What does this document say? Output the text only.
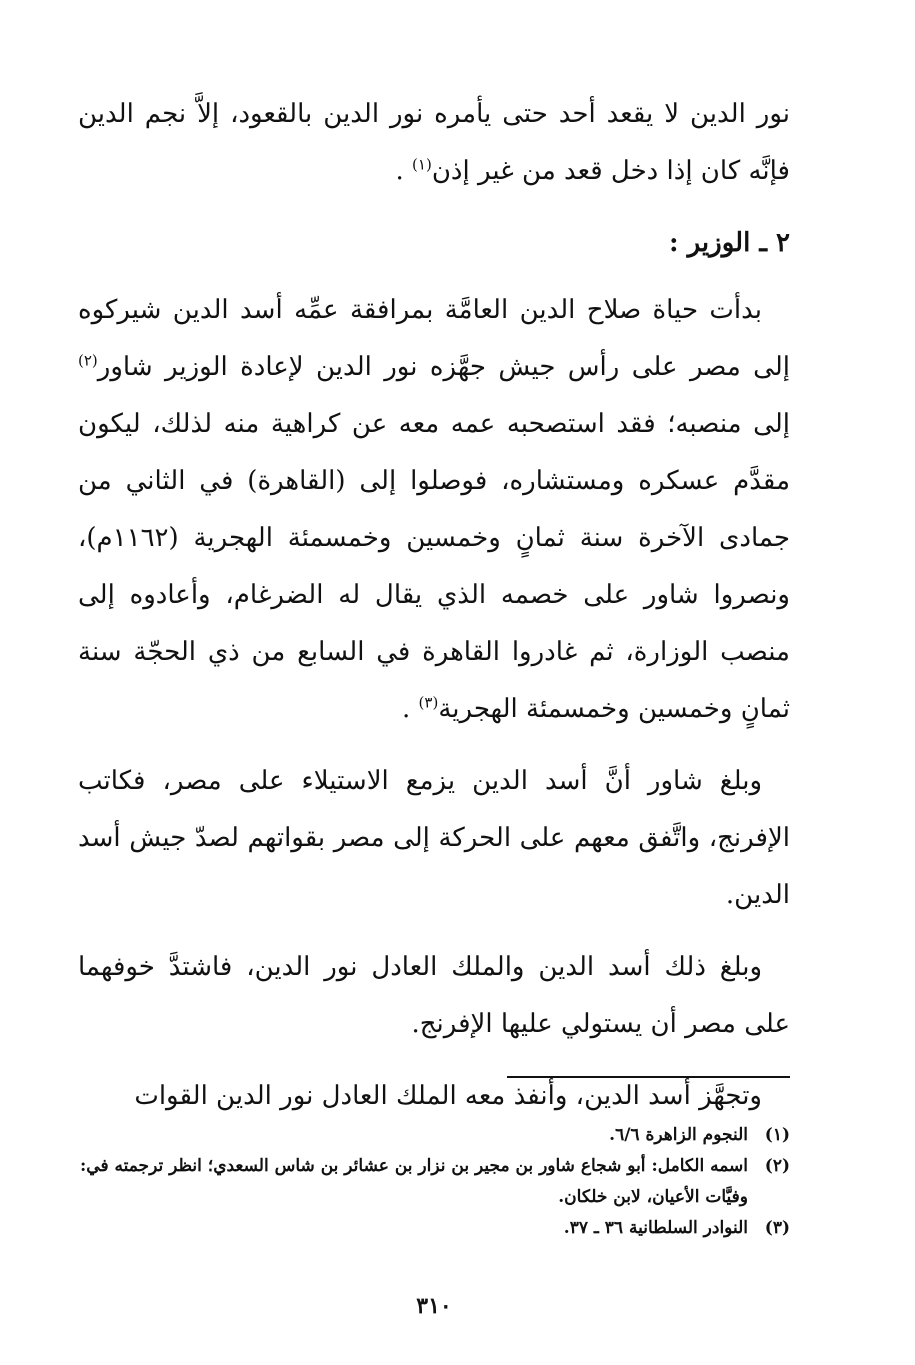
نور الدين لا يقعد أحد حتى يأمره نور الدين بالقعود، إلاَّ نجم الدين فإنَّه كان إذا دخل قعد من غير إذن$^{(١)}$ .

٢ ـ الوزير :

بدأت حياة صلاح الدين العامَّة بمرافقة عمِّه أسد الدين شيركوه إلى مصر على رأس جيش جهَّزه نور الدين لإعادة الوزير شاور$^{(٢)}$ إلى منصبه؛ فقد استصحبه عمه معه عن كراهية منه لذلك، ليكون مقدَّم عسكره ومستشاره، فوصلوا إلى (القاهرة) في الثاني من جمادى الآخرة سنة ثمانٍ وخمسين وخمسمئة الهجرية (١١٦٢م)، ونصروا شاور على خصمه الذي يقال له الضرغام، وأعادوه إلى منصب الوزارة، ثم غادروا القاهرة في السابع من ذي الحجّة سنة ثمانٍ وخمسين وخمسمئة الهجرية$^{(٣)}$ .

وبلغ شاور أنَّ أسد الدين يزمع الاستيلاء على مصر، فكاتب الإفرنج، واتَّفق معهم على الحركة إلى مصر بقواتهم لصدّ جيش أسد الدين.

وبلغ ذلك أسد الدين والملك العادل نور الدين، فاشتدَّ خوفهما على مصر أن يستولي عليها الإفرنج.

وتجهَّز أسد الدين، وأنفذ معه الملك العادل نور الدين القوات

(١)
النجوم الزاهرة ٦/٦.
(٢)
اسمه الكامل: أبو شجاع شاور بن مجير بن نزار بن عشائر بن شاس السعدي؛ انظر ترجمته في: وفيَّات الأعيان، لابن خلكان.
(٣)
النوادر السلطانية ٣٦ ـ ٣٧.
٣١٠
